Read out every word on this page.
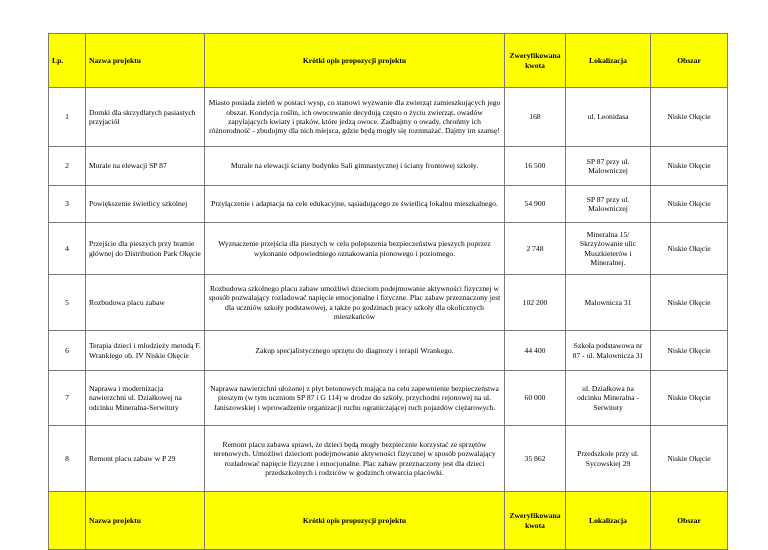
Lp.	Nazwa projektu	Krótki opis propozycji projektu	Zweryfikowana kwota	Lokalizacja	Obszar
1	Domki dla skrzydlatych pasiastych przyjaciół	Miasto posiada zieleń w postaci wysp, co stanowi wyzwanie dla zwierząt zamieszkujących jego obszar. Kondycja roślin, ich owocowanie decydują często o życiu zwierząt, owadów zapylających kwiaty i ptaków, które jedzą owoce. Zadbajmy o owady, chrońmy ich różnorodność - zbudujmy dla nich miejsca, gdzie będą mogły się rozmnażać. Dajmy im szansę!	168	ul. Leonidasa	Niskie Okęcie
2	Murale na elewacji SP 87	Murale na elewacji ściany budynku Sali gimnastycznej i ściany frontowej szkoły.	16 500	SP 87 przy ul. Malowniczej	Niskie Okęcie
3	Powiększenie świetlicy szkolnej	Przyłączenie i adaptacja na cele edukacyjne, sąsiadującego ze świetlicą lokalnu mieszkalnego.	54 900	SP 87 przy ul. Malowniczej	Niskie Okęcie
4	Przejście dla pieszych przy bramie głównej do Distribution Park Okęcie	Wyznaczenie przejścia dla pieszych w celu polepszenia bezpieczeństwa pieszych poprzez wykonanie odpowiedniego oznakowania pionowego i poziomego.	2 748	Mineralna 15/ Skrzyżowanie ulic Muszkieterów i Mineralnej.	Niskie Okęcie
5	Rozbudowa placu zabaw	Rozbudowa szkolnego placu zabaw umożliwi dzieciom podejmowanie aktywności fizycznej w sposób pozwalający rozładować napięcie emocjonalne i fizyczne. Plac zabaw przeznaczony jest dla uczniów szkoły podstawowej, a także po godzinach pracy szkoły dla okolicznych mieszkańców	102 200	Malownicza 31	Niskie Okęcie
6	Terapia dzieci i młodzieży metodą F. Wrankiego ob. IV Niskie Okęcie	Zakup specjalistycznego sprzętu do diagnozy i terapii Wrankego.	44 400	Szkoła podstawowa nr 87 - ul. Malownicza 31	Niskie Okęcie
7	Naprawa i modernizacja nawierzchni ul. Działkowej na odcinku Mineralna-Serwituty	Naprawa nawierzchni ułożonej z płyt betonowych mająca na celu zapewnienie bezpieczeństwa pieszym (w tym uczniom SP 87 i G 114) w drodze do szkoły, przychodni rejonowej na ul. Janiszowskiej i wprowadzenie organizacji ruchu ograniczającej ruch pojazdów ciężarowych.	60 000	ul. Działkowa na odcinku Mineralna - Serwituty	Niskie Okęcie
8	Remont placu zabaw w P 29	Remont placu zabawa sprawi, że dzieci będą mogły bezpiecznie korzystać ze sprzętów terenowych. Umożliwi dzieciom podejmowanie aktywności fizycznej w sposób pozwalający rozładować napięcie fizyczne i emocjonalne. Plac zabaw przeznaczony jest dla dzieci przedszkolnych i rodziców w godzinch otwarcia placówki.	35 862	Przedszkole przy ul. Sycowskiej 29	Niskie Okęcie
	Nazwa projektu	Krótki opis propozycji projektu	Zweryfikowana kwota	Lokalizacja	Obszar
